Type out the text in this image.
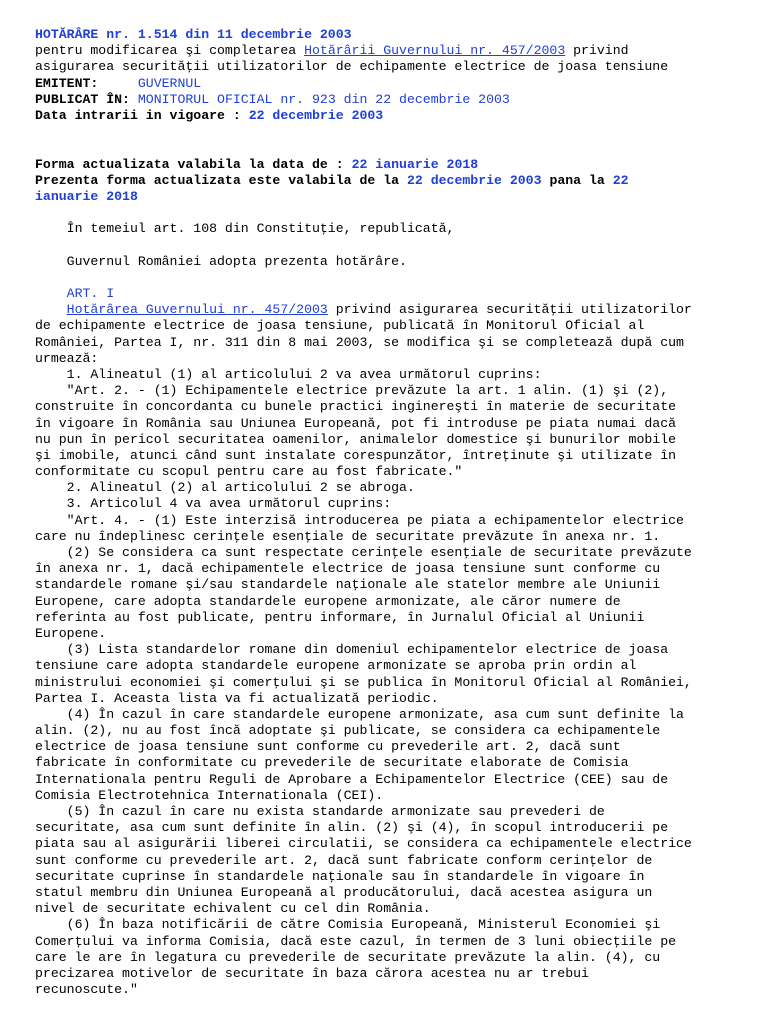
HOTĂRÂRE nr. 1.514 din 11 decembrie 2003
pentru modificarea şi completarea Hotărârii Guvernului nr. 457/2003 privind
asigurarea securităţii utilizatorilor de echipamente electrice de joasa tensiune
EMITENT:	GUVERNUL
PUBLICAT ÎN: MONITORUL OFICIAL nr. 923 din 22 decembrie 2003
Data intrarii in vigoare : 22 decembrie 2003
Forma actualizata valabila la data de : 22 ianuarie 2018
Prezenta forma actualizata este valabila de la 22 decembrie 2003 pana la 22
ianuarie 2018
În temeiul art. 108 din Constituţie, republicată,
Guvernul României adopta prezenta hotărâre.
ART. I
Hotărârea Guvernului nr. 457/2003 privind asigurarea securităţii utilizatorilor
de echipamente electrice de joasa tensiune, publicată în Monitorul Oficial al
României, Partea I, nr. 311 din 8 mai 2003, se modifica şi se completează după cum
urmează:
1. Alineatul (1) al articolului 2 va avea următorul cuprins:
"Art. 2. - (1) Echipamentele electrice prevăzute la art. 1 alin. (1) şi (2),
construite în concordanta cu bunele practici inginereşti în materie de securitate
în vigoare în România sau Uniunea Europeană, pot fi introduse pe piata numai dacă
nu pun în pericol securitatea oamenilor, animalelor domestice şi bunurilor mobile
şi imobile, atunci când sunt instalate corespunzător, întreţinute şi utilizate în
conformitate cu scopul pentru care au fost fabricate."
2. Alineatul (2) al articolului 2 se abroga.
3. Articolul 4 va avea următorul cuprins:
"Art. 4. - (1) Este interzisă introducerea pe piata a echipamentelor electrice
care nu îndeplinesc cerinţele esenţiale de securitate prevăzute în anexa nr. 1.
(2) Se considera ca sunt respectate cerinţele esenţiale de securitate prevăzute
în anexa nr. 1, dacă echipamentele electrice de joasa tensiune sunt conforme cu
standardele romane şi/sau standardele naţionale ale statelor membre ale Uniunii
Europene, care adopta standardele europene armonizate, ale căror numere de
referinta au fost publicate, pentru informare, în Jurnalul Oficial al Uniunii
Europene.
(3) Lista standardelor romane din domeniul echipamentelor electrice de joasa
tensiune care adopta standardele europene armonizate se aproba prin ordin al
ministrului economiei şi comerţului şi se publica în Monitorul Oficial al României,
Partea I. Aceasta lista va fi actualizată periodic.
(4) În cazul în care standardele europene armonizate, asa cum sunt definite la
alin. (2), nu au fost încă adoptate şi publicate, se considera ca echipamentele
electrice de joasa tensiune sunt conforme cu prevederile art. 2, dacă sunt
fabricate în conformitate cu prevederile de securitate elaborate de Comisia
Internationala pentru Reguli de Aprobare a Echipamentelor Electrice (CEE) sau de
Comisia Electrotehnica Internationala (CEI).
(5) În cazul în care nu exista standarde armonizate sau prevederi de
securitate, asa cum sunt definite în alin. (2) şi (4), în scopul introducerii pe
piata sau al asigurării liberei circulatii, se considera ca echipamentele electrice
sunt conforme cu prevederile art. 2, dacă sunt fabricate conform cerinţelor de
securitate cuprinse în standardele naţionale sau în standardele în vigoare în
statul membru din Uniunea Europeană al producătorului, dacă acestea asigura un
nivel de securitate echivalent cu cel din România.
(6) În baza notificării de către Comisia Europeană, Ministerul Economiei şi
Comerţului va informa Comisia, dacă este cazul, în termen de 3 luni obiecţiile pe
care le are în legatura cu prevederile de securitate prevăzute la alin. (4), cu
precizarea motivelor de securitate în baza cărora acestea nu ar trebui
recunoscute."
